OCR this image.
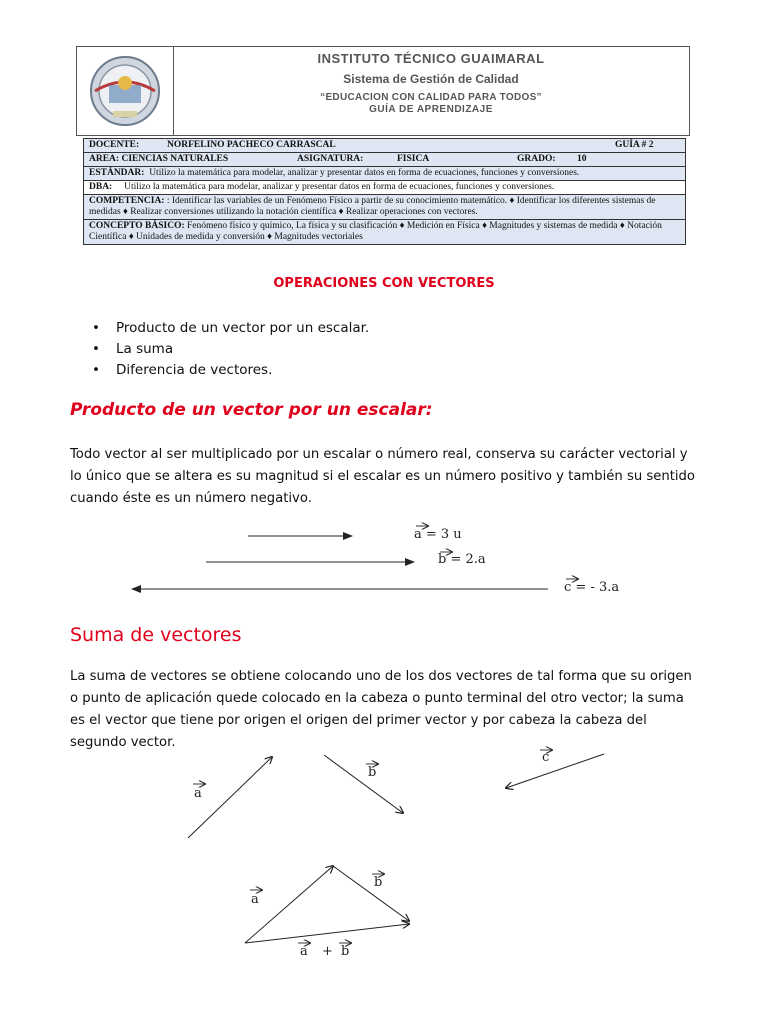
INSTITUTO TÉCNICO GUAIMARAL
Sistema de Gestión de Calidad
“EDUCACION CON CALIDAD PARA TODOS”
GUÍA DE APRENDIZAJE
DOCENTE:	NORFELINO PACHECO CARRASCAL	GUÍA # 2
AREA: CIENCIAS NATURALES	ASIGNATURA:	FISICA	GRADO:	10
ESTÁNDAR: Utilizo la matemática para modelar, analizar y presentar datos en forma de ecuaciones, funciones y conversiones.
DBA: Utilizo la matemática para modelar, analizar y presentar datos en forma de ecuaciones, funciones y conversiones.
COMPETENCIA: : Identificar las variables de un Fenómeno Físico a partir de su conocimiento matemático. ♦ Identificar los diferentes sistemas de medidas ♦ Realizar conversiones utilizando la notación científica ♦ Realizar operaciones con vectores.
CONCEPTO BÁSICO: Fenómeno físico y químico, La física y su clasificación ♦ Medición en Física ♦ Magnitudes y sistemas de medida ♦ Notación Científica ♦ Unidades de medida y conversión ♦ Magnitudes vectoriales
OPERACIONES CON VECTORES
• Producto de un vector por un escalar.
• La suma
• Diferencia de vectores.
Producto de un vector por un escalar:
Todo vector al ser multiplicado por un escalar o número real, conserva su carácter vectorial y lo único que se altera es su magnitud si el escalar es un número positivo y también su sentido cuando éste es un número negativo.
Suma de vectores
La suma de vectores se obtiene colocando uno de los dos vectores de tal forma que su origen o punto de aplicación quede colocado en la cabeza o punto terminal del otro vector; la suma es el vector que tiene por origen el origen del primer vector y por cabeza la cabeza del segundo vector.
a = 3 u
b = 2.a
c = - 3.a
a
b
c
a
b
a + b
